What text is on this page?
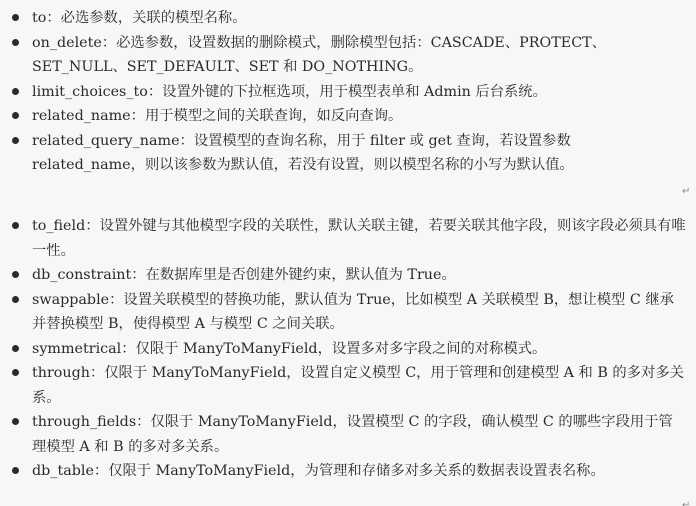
to：必选参数，关联的模型名称。
on_delete：必选参数，设置数据的删除模式，删除模型包括：CASCADE、PROTECT、SET_NULL、SET_DEFAULT、SET 和 DO_NOTHING。
limit_choices_to：设置外键的下拉框选项，用于模型表单和 Admin 后台系统。
related_name：用于模型之间的关联查询，如反向查询。
related_query_name：设置模型的查询名称，用于 filter 或 get 查询，若设置参数 related_name，则以该参数为默认值，若没有设置，则以模型名称的小写为默认值。
↵
to_field：设置外键与其他模型字段的关联性，默认关联主键，若要关联其他字段，则该字段必须具有唯一性。
db_constraint：在数据库里是否创建外键约束，默认值为 True。
swappable：设置关联模型的替换功能，默认值为 True，比如模型 A 关联模型 B，想让模型 C 继承并替换模型 B，使得模型 A 与模型 C 之间关联。
symmetrical：仅限于 ManyToManyField，设置多对多字段之间的对称模式。
through：仅限于 ManyToManyField，设置自定义模型 C，用于管理和创建模型 A 和 B 的多对多关系。
through_fields：仅限于 ManyToManyField，设置模型 C 的字段，确认模型 C 的哪些字段用于管理模型 A 和 B 的多对多关系。
db_table：仅限于 ManyToManyField，为管理和存储多对多关系的数据表设置表名称。
↵
